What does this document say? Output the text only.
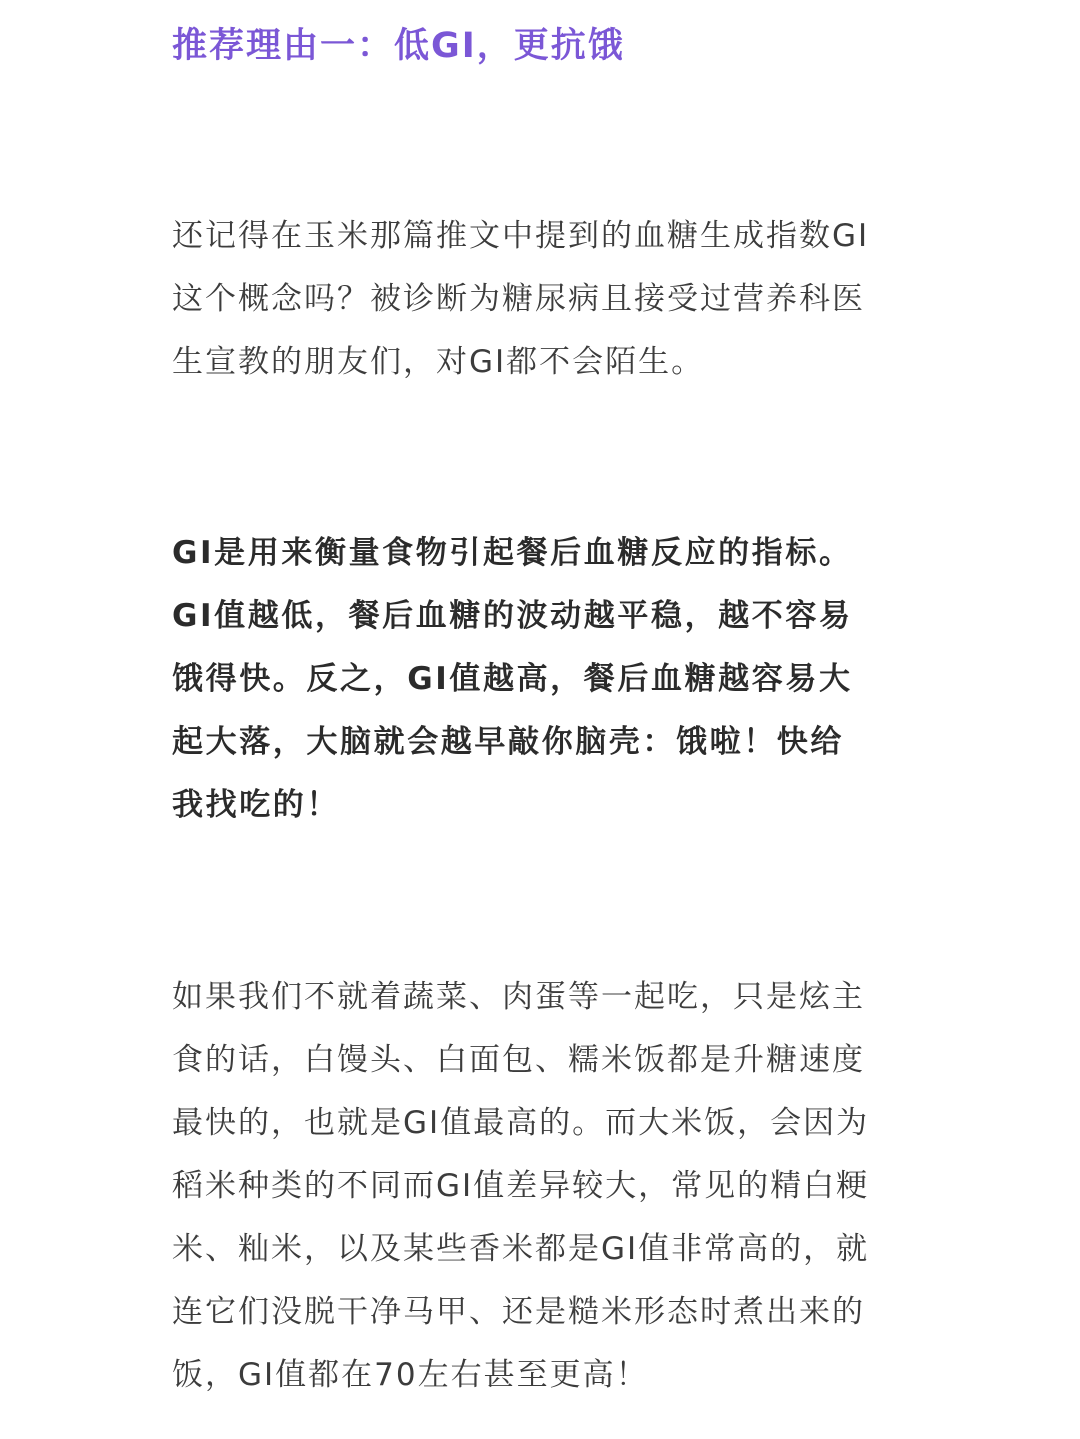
推荐理由一：低GI，更抗饿
还记得在玉米那篇推文中提到的血糖生成指数GI
这个概念吗？被诊断为糖尿病且接受过营养科医
生宣教的朋友们，对GI都不会陌生。
GI是用来衡量食物引起餐后血糖反应的指标。
GI值越低，餐后血糖的波动越平稳，越不容易
饿得快。反之，GI值越高，餐后血糖越容易大
起大落，大脑就会越早敲你脑壳：饿啦！快给
我找吃的！
如果我们不就着蔬菜、肉蛋等一起吃，只是炫主
食的话，白馒头、白面包、糯米饭都是升糖速度
最快的，也就是GI值最高的。而大米饭，会因为
稻米种类的不同而GI值差异较大，常见的精白粳
米、籼米，以及某些香米都是GI值非常高的，就
连它们没脱干净马甲、还是糙米形态时煮出来的
饭，GI值都在70左右甚至更高！
